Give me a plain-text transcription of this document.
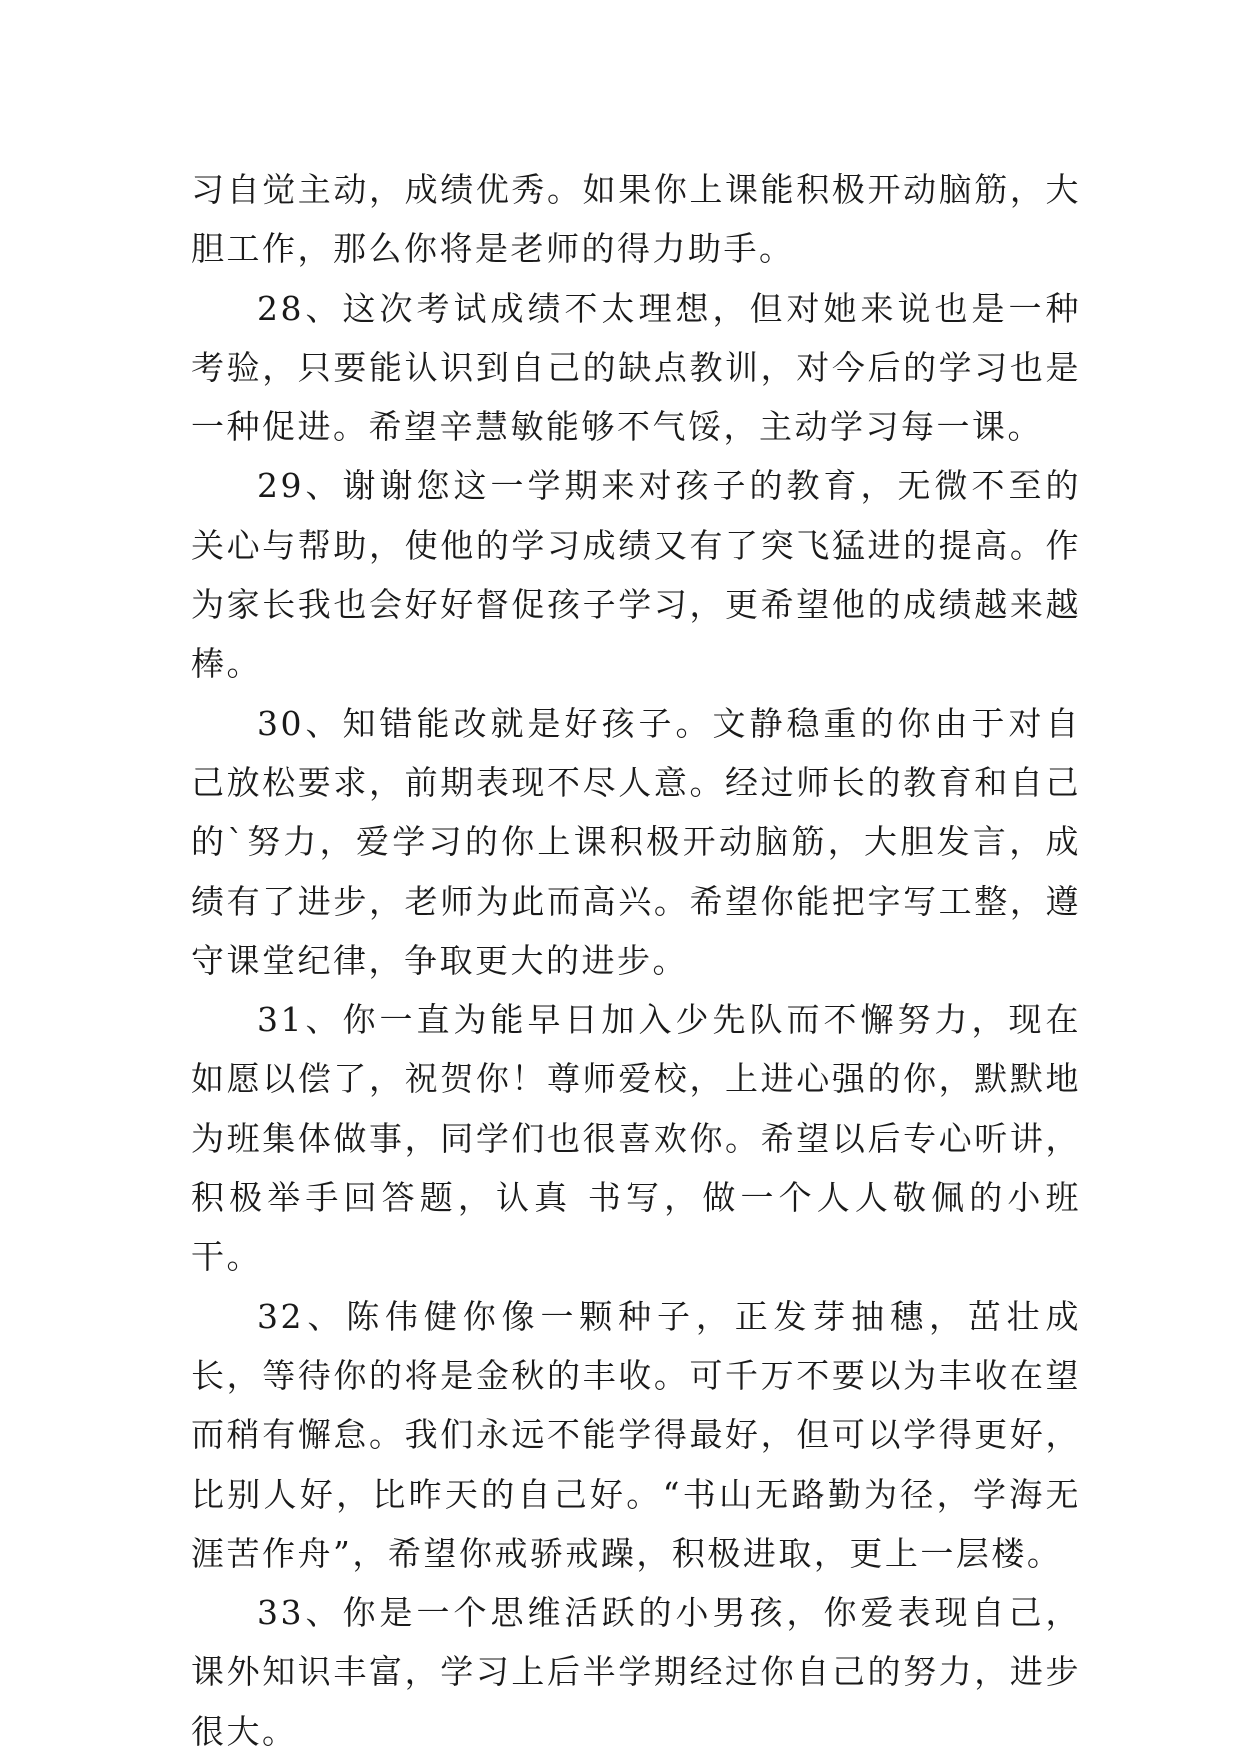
习自觉主动，成绩优秀。如果你上课能积极开动脑筋，大胆工作，那么你将是老师的得力助手。

28、这次考试成绩不太理想，但对她来说也是一种考验，只要能认识到自己的缺点教训，对今后的学习也是一种促进。希望辛慧敏能够不气馁，主动学习每一课。

29、谢谢您这一学期来对孩子的教育，无微不至的关心与帮助，使他的学习成绩又有了突飞猛进的提高。作为家长我也会好好督促孩子学习，更希望他的成绩越来越棒。

30、知错能改就是好孩子。文静稳重的你由于对自己放松要求，前期表现不尽人意。经过师长的教育和自己的`努力，爱学习的你上课积极开动脑筋，大胆发言，成绩有了进步，老师为此而高兴。希望你能把字写工整，遵守课堂纪律，争取更大的进步。

31、你一直为能早日加入少先队而不懈努力，现在如愿以偿了，祝贺你！尊师爱校，上进心强的你，默默地为班集体做事，同学们也很喜欢你。希望以后专心听讲，积极举手回答题，认真 书写，做一个人人敬佩的小班干。

32、陈伟健你像一颗种子，正发芽抽穗，茁壮成长，等待你的将是金秋的丰收。可千万不要以为丰收在望而稍有懈怠。我们永远不能学得最好，但可以学得更好，比别人好，比昨天的自己好。“书山无路勤为径，学海无涯苦作舟”，希望你戒骄戒躁，积极进取，更上一层楼。

33、你是一个思维活跃的小男孩，你爱表现自己，课外知识丰富，学习上后半学期经过你自己的努力，进步很大。
